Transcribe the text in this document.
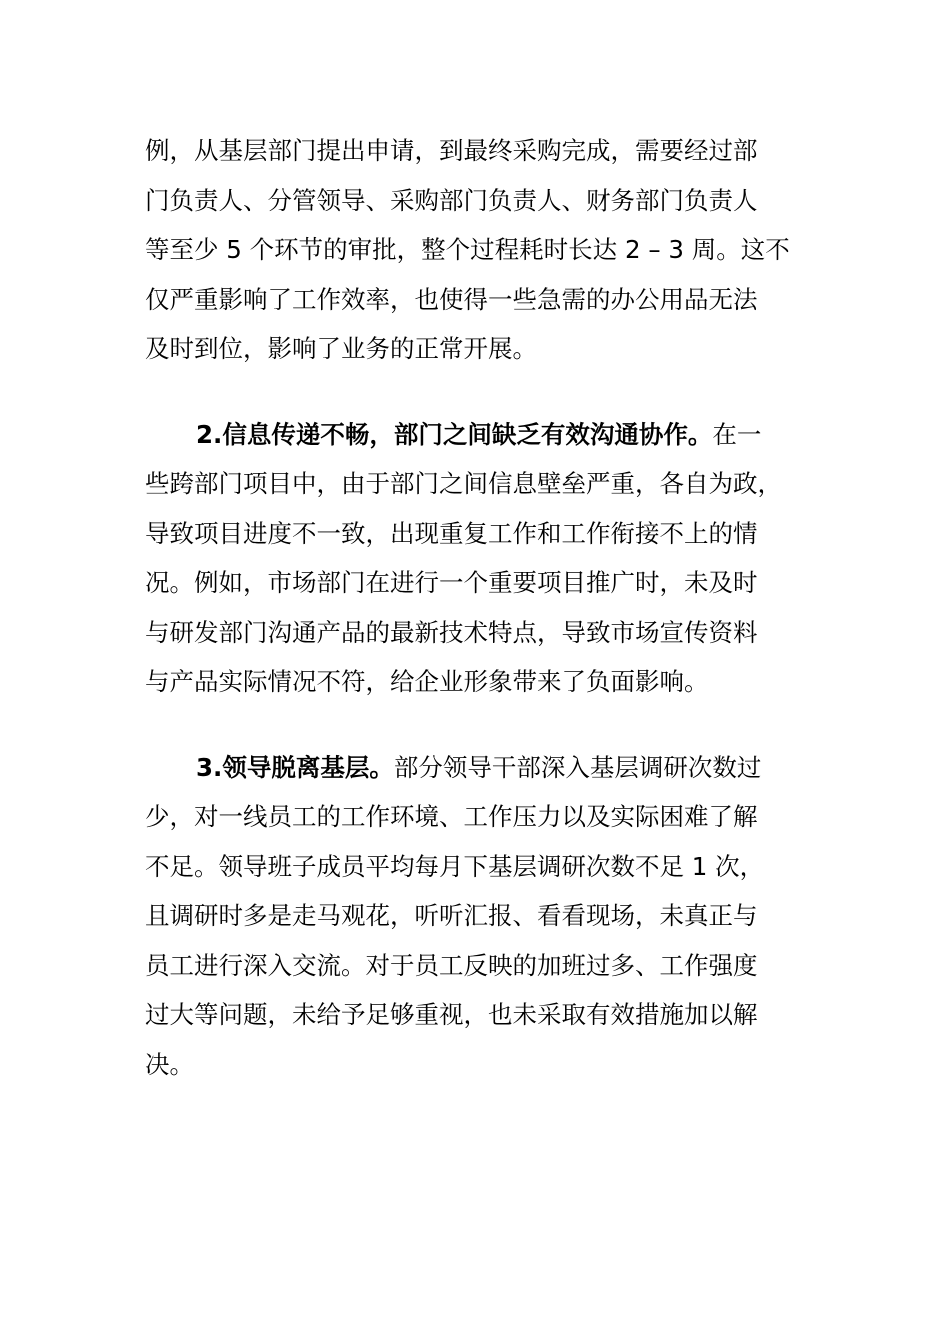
例，从基层部门提出申请，到最终采购完成，需要经过部
门负责人、分管领导、采购部门负责人、财务部门负责人
等至少 5 个环节的审批，整个过程耗时长达 2 – 3 周。这不
仅严重影响了工作效率，也使得一些急需的办公用品无法
及时到位，影响了业务的正常开展。
2.信息传递不畅，部门之间缺乏有效沟通协作。在一
些跨部门项目中，由于部门之间信息壁垒严重，各自为政，
导致项目进度不一致，出现重复工作和工作衔接不上的情
况。例如，市场部门在进行一个重要项目推广时，未及时
与研发部门沟通产品的最新技术特点，导致市场宣传资料
与产品实际情况不符，给企业形象带来了负面影响。
3.领导脱离基层。部分领导干部深入基层调研次数过
少，对一线员工的工作环境、工作压力以及实际困难了解
不足。领导班子成员平均每月下基层调研次数不足 1 次，
且调研时多是走马观花，听听汇报、看看现场，未真正与
员工进行深入交流。对于员工反映的加班过多、工作强度
过大等问题，未给予足够重视，也未采取有效措施加以解
决。
